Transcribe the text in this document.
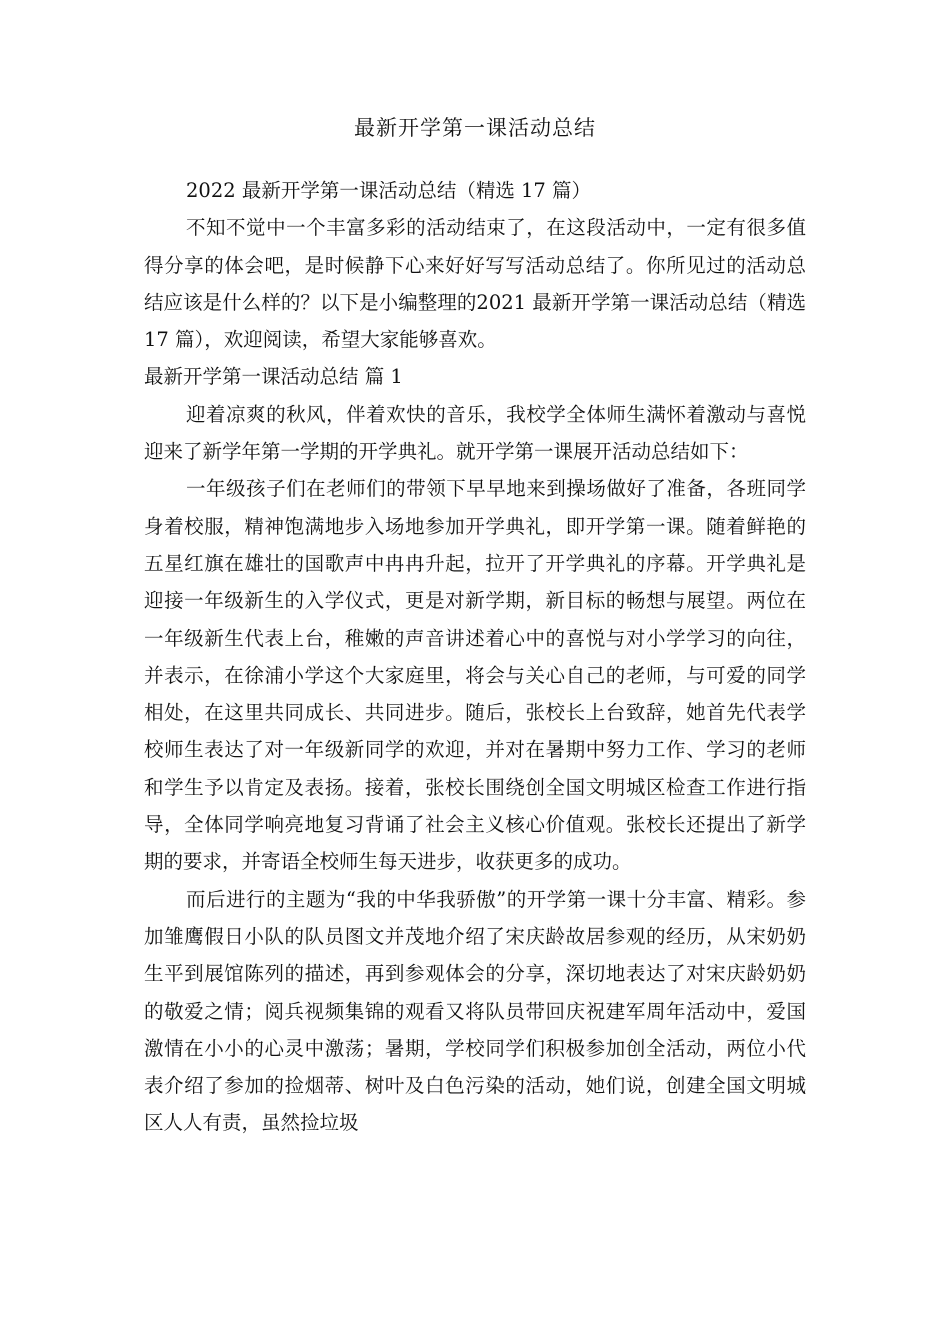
最新开学第一课活动总结

2022 最新开学第一课活动总结（精选 17 篇）

不知不觉中一个丰富多彩的活动结束了，在这段活动中，一定有很多值得分享的体会吧，是时候静下心来好好写写活动总结了。你所见过的活动总结应该是什么样的？以下是小编整理的2021 最新开学第一课活动总结（精选 17 篇），欢迎阅读，希望大家能够喜欢。

最新开学第一课活动总结 篇 1

迎着凉爽的秋风，伴着欢快的音乐，我校学全体师生满怀着激动与喜悦迎来了新学年第一学期的开学典礼。就开学第一课展开活动总结如下：

一年级孩子们在老师们的带领下早早地来到操场做好了准备，各班同学身着校服，精神饱满地步入场地参加开学典礼，即开学第一课。随着鲜艳的五星红旗在雄壮的国歌声中冉冉升起，拉开了开学典礼的序幕。开学典礼是迎接一年级新生的入学仪式，更是对新学期，新目标的畅想与展望。两位在一年级新生代表上台，稚嫩的声音讲述着心中的喜悦与对小学学习的向往，并表示，在徐浦小学这个大家庭里，将会与关心自己的老师，与可爱的同学相处，在这里共同成长、共同进步。随后，张校长上台致辞，她首先代表学校师生表达了对一年级新同学的欢迎，并对在暑期中努力工作、学习的老师和学生予以肯定及表扬。接着，张校长围绕创全国文明城区检查工作进行指导，全体同学响亮地复习背诵了社会主义核心价值观。张校长还提出了新学期的要求，并寄语全校师生每天进步，收获更多的成功。

而后进行的主题为“我的中华我骄傲”的开学第一课十分丰富、精彩。参加雏鹰假日小队的队员图文并茂地介绍了宋庆龄故居参观的经历，从宋奶奶生平到展馆陈列的描述，再到参观体会的分享，深切地表达了对宋庆龄奶奶的敬爱之情；阅兵视频集锦的观看又将队员带回庆祝建军周年活动中，爱国激情在小小的心灵中激荡；暑期，学校同学们积极参加创全活动，两位小代表介绍了参加的捡烟蒂、树叶及白色污染的活动，她们说，创建全国文明城区人人有责，虽然捡垃圾
